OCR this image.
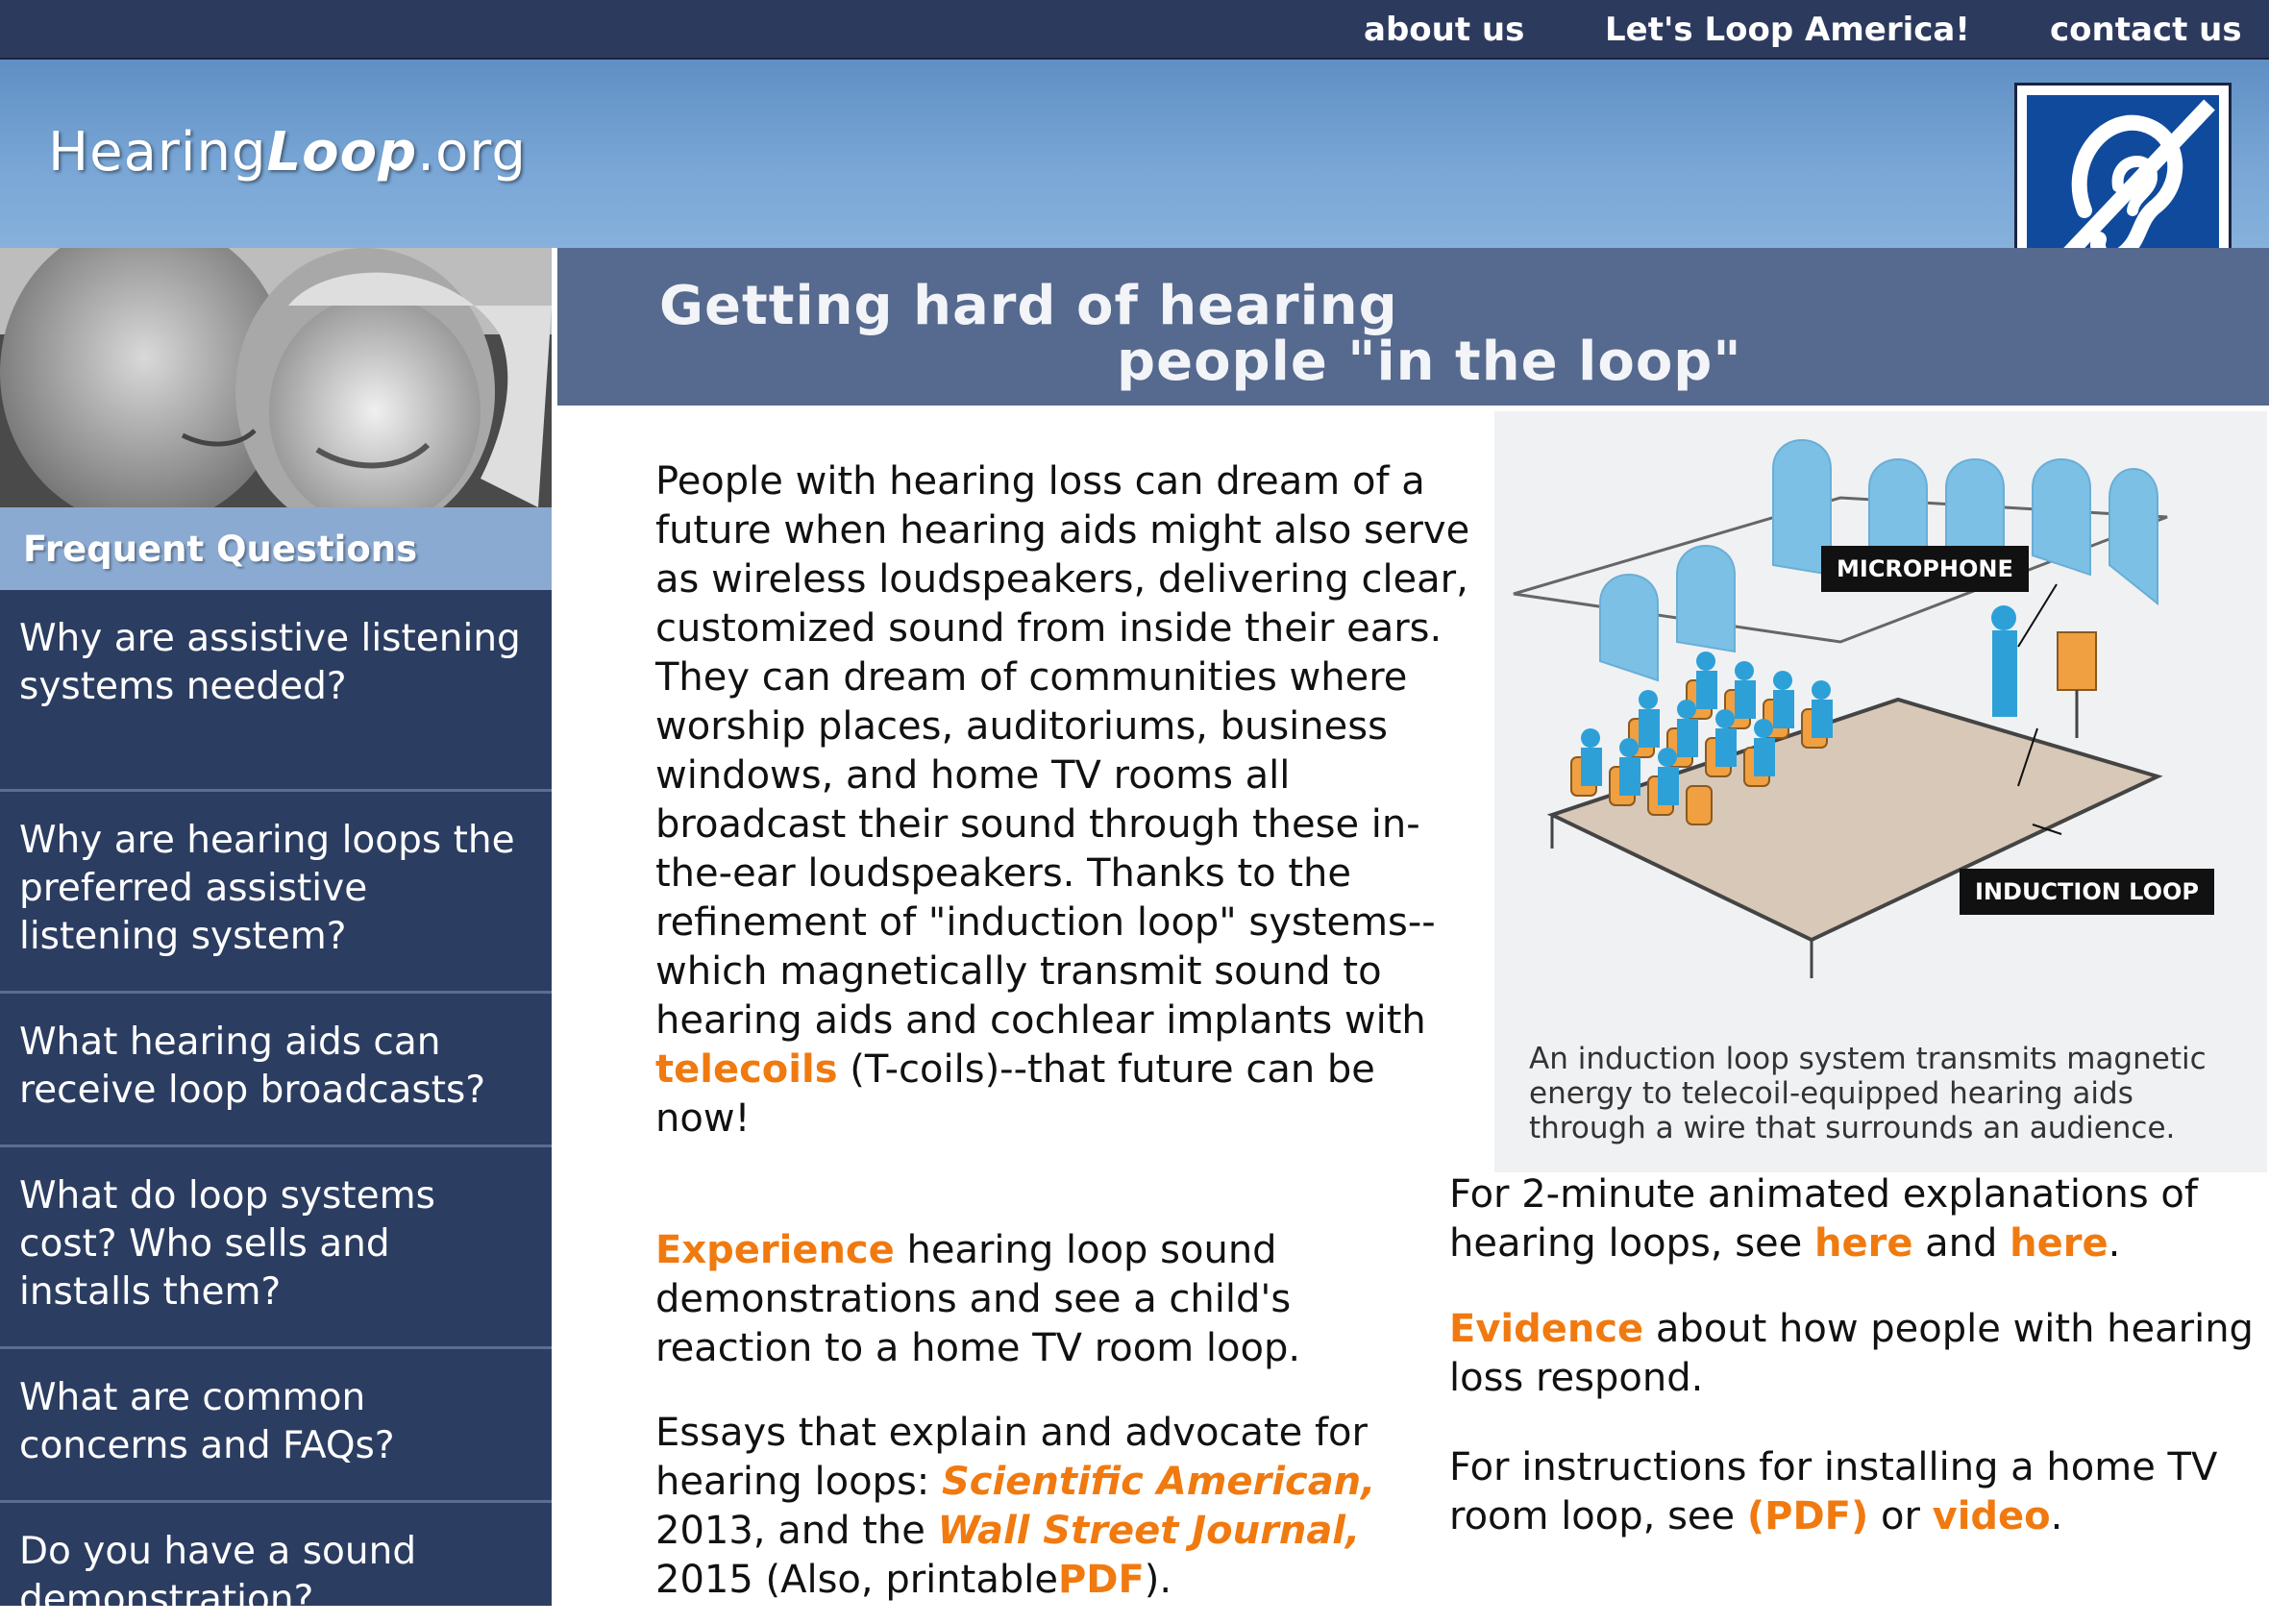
about us Let's Loop America! contact us
HearingLoop.org
Frequent Questions
Why are assistive listening systems needed?
Why are hearing loops the preferred assistive listening system?
What hearing aids can receive loop broadcasts?
What do loop systems cost? Who sells and installs them?
What are common concerns and FAQs?
Do you have a sound demonstration?
Getting hard of hearing
people "in the loop"
People with hearing loss can dream of a future when hearing aids might also serve as wireless loudspeakers, delivering clear, customized sound from inside their ears. They can dream of communities where worship places, auditoriums, business windows, and home TV rooms all broadcast their sound through these in-the-ear loudspeakers. Thanks to the refinement of "induction loop" systems--which magnetically transmit sound to hearing aids and cochlear implants with telecoils (T-coils)--that future can be now!
Experience hearing loop sound demonstrations and see a child's reaction to a home TV room loop.
Essays that explain and advocate for hearing loops: Scientific American, 2013, and the Wall Street Journal, 2015 (Also, printablePDF).
MICROPHONE
INDUCTION LOOP
An induction loop system transmits magnetic energy to telecoil-equipped hearing aids through a wire that surrounds an audience.
For 2-minute animated explanations of hearing loops, see here and here.
Evidence about how people with hearing loss respond.
For instructions for installing a home TV room loop, see (PDF) or video.
